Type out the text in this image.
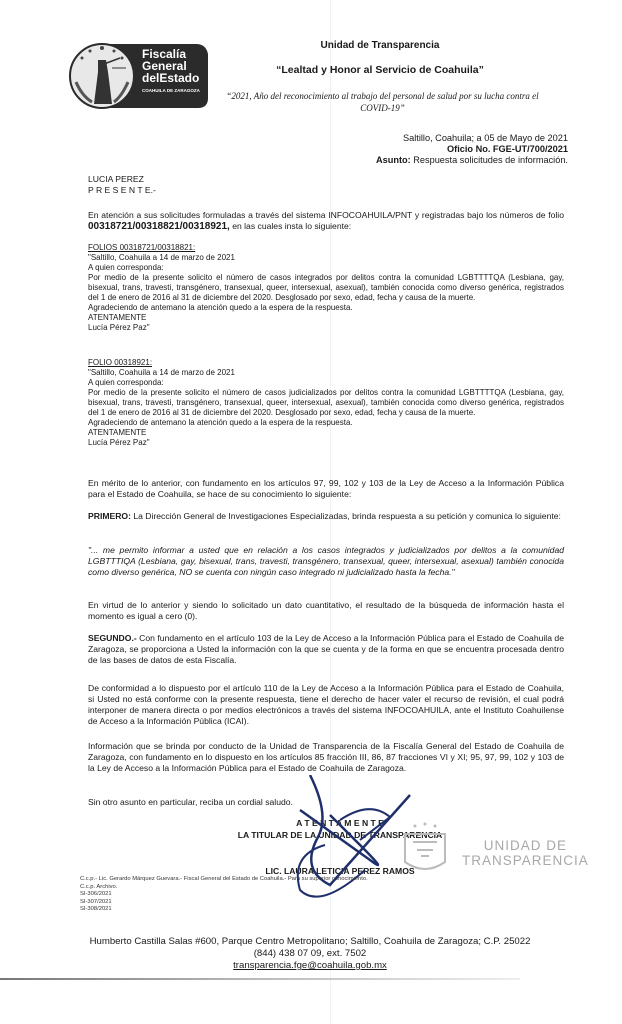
Fiscalía
General
delEstado
COAHUILA DE ZARAGOZA
Unidad de Transparencia
“Lealtad y Honor al Servicio de Coahuila”
“2021, Año del reconocimiento al trabajo del personal de salud por su lucha contra el COVID-19”
Saltillo, Coahuila; a 05 de Mayo de 2021
Oficio No. FGE-UT/700/2021
Asunto: Respuesta solicitudes de información.
LUCIA PEREZ
P R E S E N T E.-
En atención a sus solicitudes formuladas a través del sistema INFOCOAHUILA/PNT y registradas bajo los números de folio 00318721/00318821/00318921, en las cuales insta lo siguiente:
FOLIOS 00318721/00318821:
"Saltillo, Coahuila a 14 de marzo de 2021
A quien corresponda:
Por medio de la presente solicito el número de casos integrados por delitos contra la comunidad LGBTTTTQA (Lesbiana, gay, bisexual, trans, travesti, transgénero, transexual, queer, intersexual, asexual), también conocida como diverso genérica, registrados del 1 de enero de 2016 al 31 de diciembre del 2020. Desglosado por sexo, edad, fecha y causa de la muerte.
Agradeciendo de antemano la atención quedo a la espera de la respuesta.
ATENTAMENTE
Lucía Pérez Paz"
FOLIO 00318921:
"Saltillo, Coahuila a 14 de marzo de 2021
A quien corresponda:
Por medio de la presente solicito el número de casos judicializados por delitos contra la comunidad LGBTTTTQA (Lesbiana, gay, bisexual, trans, travesti, transgénero, transexual, queer, intersexual, asexual), también conocida como diverso genérica, registrados del 1 de enero de 2016 al 31 de diciembre del 2020. Desglosado por sexo, edad, fecha y causa de la muerte.
Agradeciendo de antemano la atención quedo a la espera de la respuesta.
ATENTAMENTE
Lucía Pérez Paz"
En mérito de lo anterior, con fundamento en los artículos 97, 99, 102 y 103 de la Ley de Acceso a la Información Pública para el Estado de Coahuila, se hace de su conocimiento lo siguiente:
PRIMERO: La Dirección General de Investigaciones Especializadas, brinda respuesta a su petición y comunica lo siguiente:
"... me permito informar a usted que en relación a los casos integrados y judicializados por delitos a la comunidad LGBTTTIQA (Lesbiana, gay, bisexual, trans, travesti, transgénero, transexual, queer, intersexual, asexual) también conocida como diverso genérica, NO se cuenta con ningún caso integrado ni judicializado hasta la fecha."
En virtud de lo anterior y siendo lo solicitado un dato cuantitativo, el resultado de la búsqueda de información hasta el momento es igual a cero (0).
SEGUNDO.- Con fundamento en el artículo 103 de la Ley de Acceso a la Información Pública para el Estado de Coahuila de Zaragoza, se proporciona a Usted la información con la que se cuenta y de la forma en que se encuentra procesada dentro de las bases de datos de esta Fiscalía.
De conformidad a lo dispuesto por el artículo 110 de la Ley de Acceso a la Información Pública para el Estado de Coahuila, si Usted no está conforme con la presente respuesta, tiene el derecho de hacer valer el recurso de revisión, el cual podrá interponer de manera directa o por medios electrónicos a través del sistema INFOCOAHUILA, ante el Instituto Coahuilense de Acceso a la Información Pública (ICAI).
Información que se brinda por conducto de la Unidad de Transparencia de la Fiscalía General del Estado de Coahuila de Zaragoza, con fundamento en lo dispuesto en los artículos 85 fracción III, 86, 87 fracciones VI y XI; 95, 97, 99, 102 y 103 de la Ley de Acceso a la Información Pública para el Estado de Coahuila de Zaragoza.
Sin otro asunto en particular, reciba un cordial saludo.
A T E N T A M E N T E
LA TITULAR DE LA UNIDAD DE TRANSPARENCIA
LIC. LAURA LETICIA PEREZ RAMOS
UNIDAD DE
TRANSPARENCIA
C.c.p.- Lic. Gerardo Márquez Guevara.- Fiscal General del Estado de Coahuila.- Para su superior conocimiento.
C.c.p. Archivo.
SI-306/2021
SI-307/2021
SI-308/2021
Humberto Castilla Salas #600, Parque Centro Metropolitano; Saltillo, Coahuila de Zaragoza; C.P. 25022
(844) 438 07 09, ext. 7502
transparencia.fge@coahuila.gob.mx
